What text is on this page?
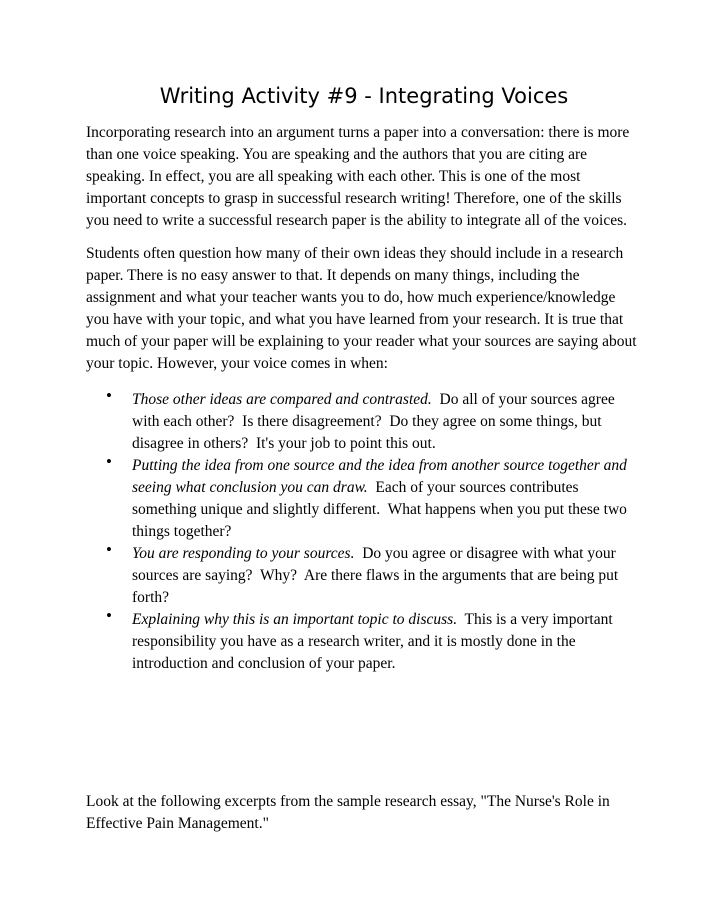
Writing Activity #9 - Integrating Voices

Incorporating research into an argument turns a paper into a conversation: there is more than one voice speaking. You are speaking and the authors that you are citing are speaking. In effect, you are all speaking with each other. This is one of the most important concepts to grasp in successful research writing! Therefore, one of the skills you need to write a successful research paper is the ability to integrate all of the voices.

Students often question how many of their own ideas they should include in a research paper. There is no easy answer to that. It depends on many things, including the assignment and what your teacher wants you to do, how much experience/knowledge you have with your topic, and what you have learned from your research. It is true that much of your paper will be explaining to your reader what your sources are saying about your topic. However, your voice comes in when:

• Those other ideas are compared and contrasted.  Do all of your sources agree with each other?  Is there disagreement?  Do they agree on some things, but disagree in others?  It's your job to point this out.
• Putting the idea from one source and the idea from another source together and seeing what conclusion you can draw.  Each of your sources contributes something unique and slightly different.  What happens when you put these two things together?
• You are responding to your sources.  Do you agree or disagree with what your sources are saying?  Why?  Are there flaws in the arguments that are being put forth?
• Explaining why this is an important topic to discuss.  This is a very important responsibility you have as a research writer, and it is mostly done in the introduction and conclusion of your paper.

Look at the following excerpts from the sample research essay, "The Nurse's Role in Effective Pain Management."
